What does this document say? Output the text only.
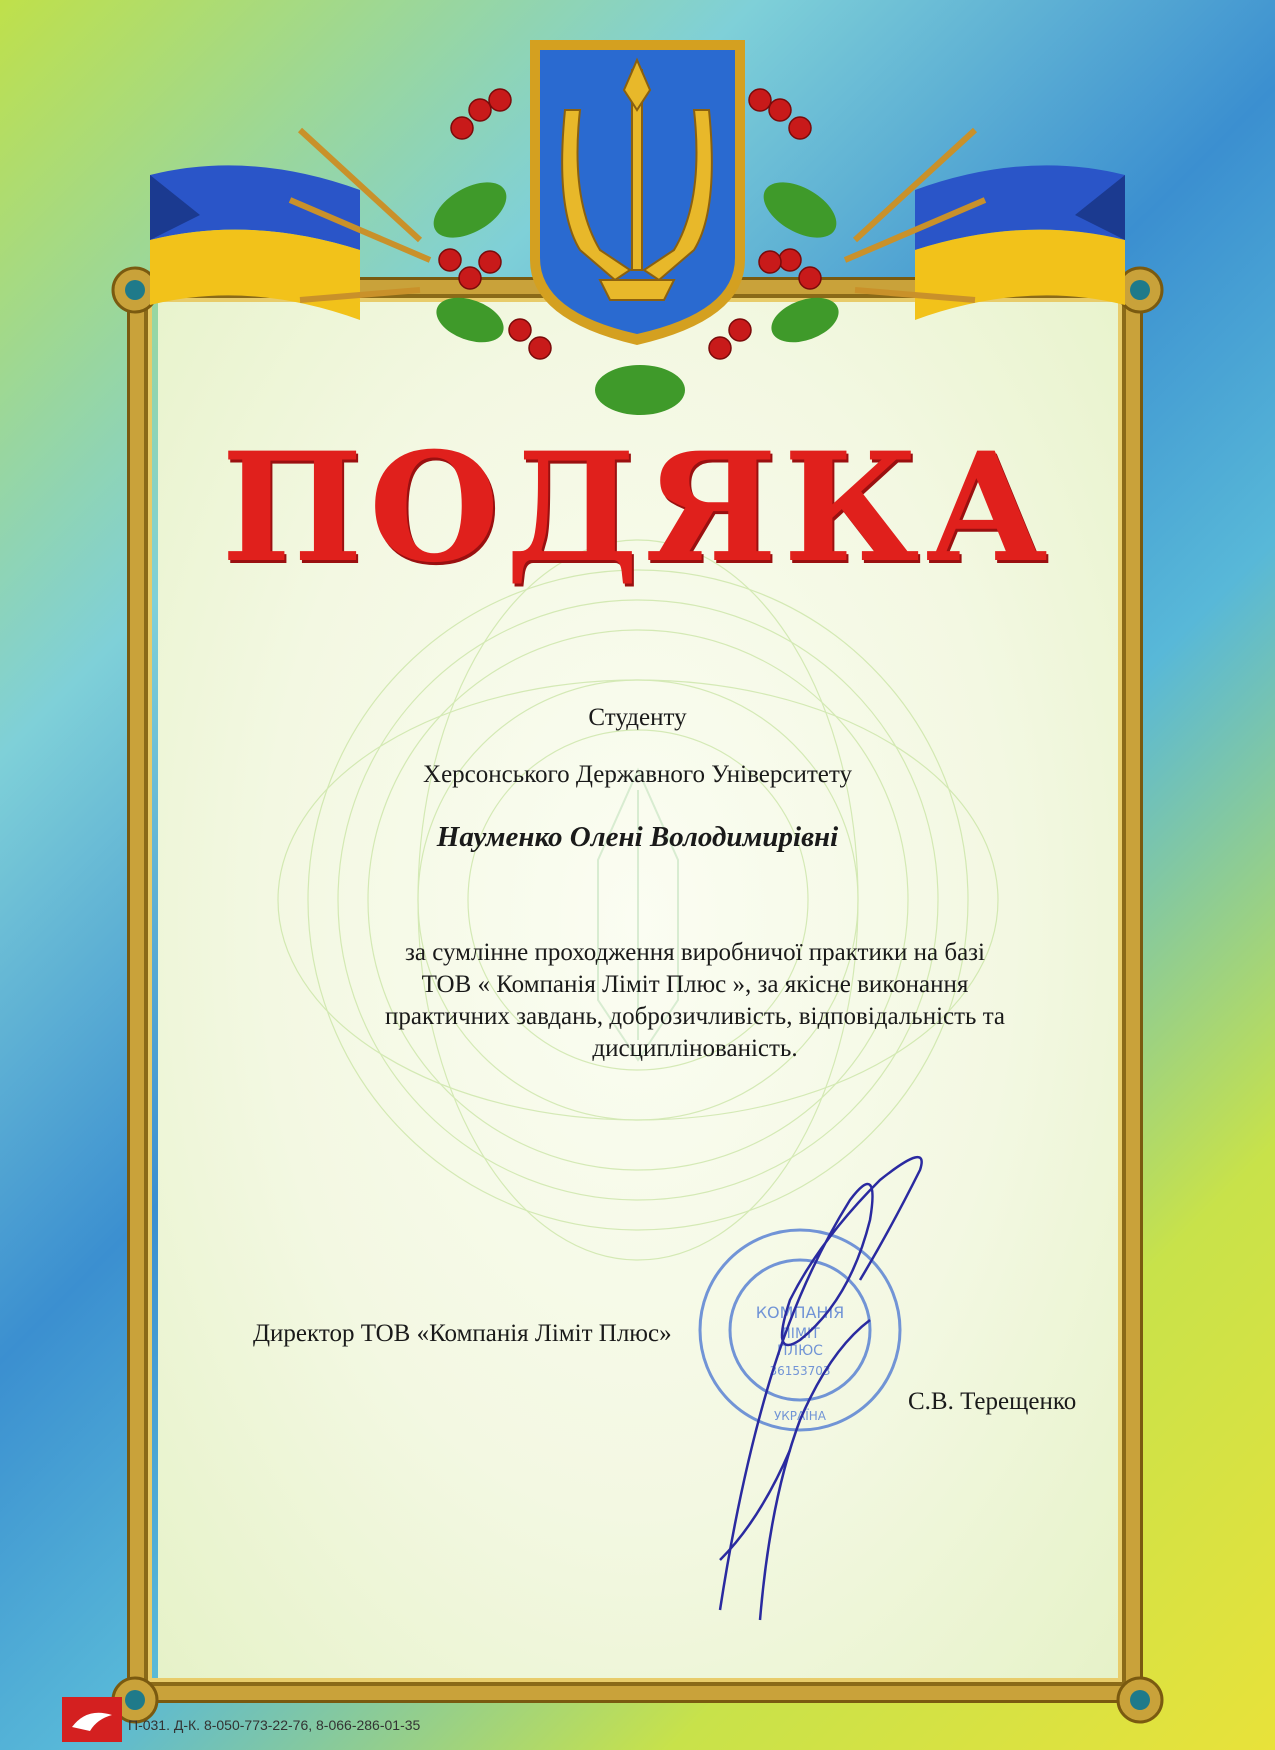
ПОДЯКА
Студенту
Херсонського Державного Університету
Науменко Олені Володимирівні
за сумлінне проходження виробничої практики на базі
ТОВ « Компанія Ліміт Плюс », за якісне виконання
практичних завдань, доброзичливість, відповідальність та
дисциплінованість.
КОМПАНІЯ
ЛІМІТ
ПЛЮС
36153703
УКРАЇНА
Директор ТОВ «Компанія Ліміт Плюс»
С.В. Терещенко
П-031. Д-К. 8-050-773-22-76, 8-066-286-01-35
